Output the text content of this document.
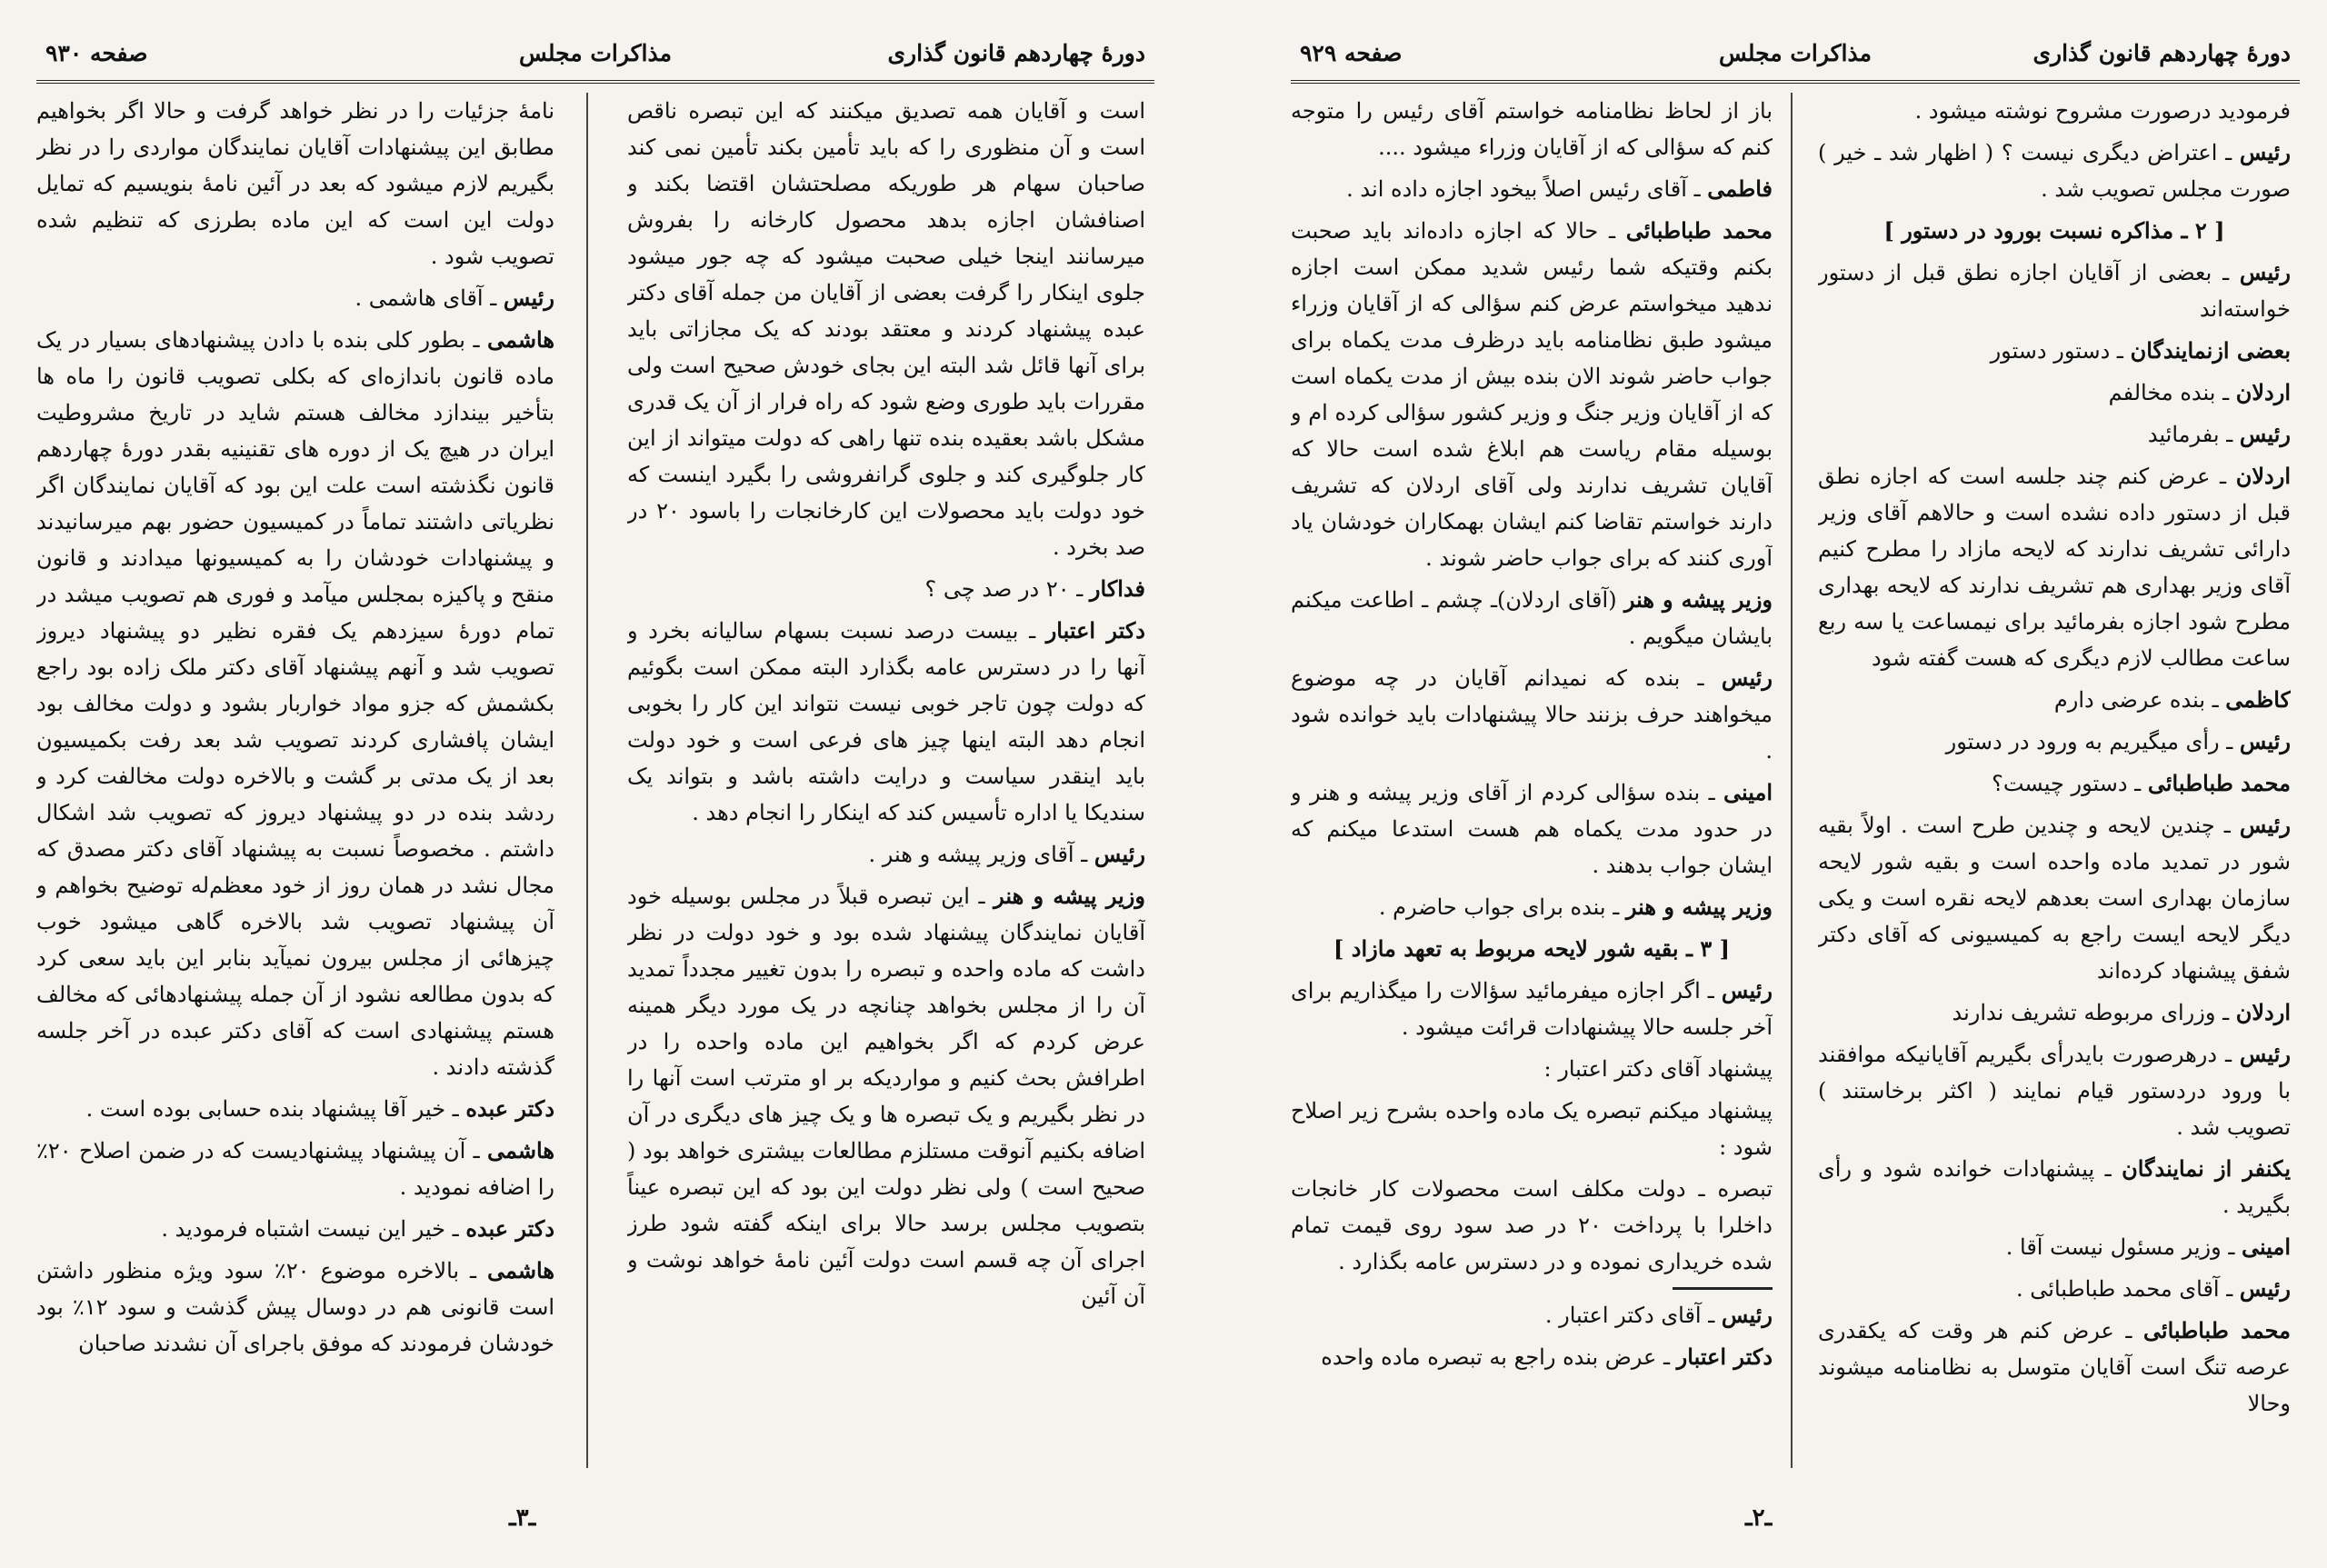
دورهٔ چهاردهم قانون گذاری
مذاکرات مجلس
صفحه ۹۳۰

است و آقایان همه تصدیق میکنند که این تبصره ناقص است و آن منظوری را که باید تأمین بکند تأمین نمی کند صاحبان سهام هر طوریکه مصلحتشان اقتضا بکند و اصنافشان اجازه بدهد محصول کارخانه را بفروش میرسانند اینجا خیلی صحبت میشود که چه جور میشود جلوی اینکار را گرفت بعضی از آقایان من جمله آقای دکتر عبده پیشنهاد کردند و معتقد بودند که یک مجازاتی باید برای آنها قائل شد البته این بجای خودش صحیح است ولی مقررات باید طوری وضع شود که راه فرار از آن یک قدری مشکل باشد بعقیده بنده تنها راهی که دولت میتواند از این کار جلوگیری کند و جلوی گرانفروشی را بگیرد اینست که خود دولت باید محصولات این کارخانجات را باسود ۲۰ در صد بخرد .

فداکار ـ ۲۰ در صد چی ؟

دکتر اعتبار ـ بیست درصد نسبت بسهام سالیانه بخرد و آنها را در دسترس عامه بگذارد البته ممکن است بگوئیم که دولت چون تاجر خوبی نیست نتواند این کار را بخوبی انجام دهد البته اینها چیز های فرعی است و خود دولت باید اینقدر سیاست و درایت داشته باشد و بتواند یک سندیکا یا اداره تأسیس کند که اینکار را انجام دهد .

رئیس ـ آقای وزیر پیشه و هنر .

وزیر پیشه و هنر ـ این تبصره قبلاً در مجلس بوسیله خود آقایان نمایندگان پیشنهاد شده بود و خود دولت در نظر داشت که ماده واحده و تبصره را بدون تغییر مجدداً تمدید آن را از مجلس بخواهد چنانچه در یک مورد دیگر همینه عرض کردم که اگر بخواهیم این ماده واحده را در اطرافش بحث کنیم و مواردیکه بر او مترتب است آنها را در نظر بگیریم و یک تبصره ها و یک چیز های دیگری در آن اضافه بکنیم آنوقت مستلزم مطالعات بیشتری خواهد بود ( صحیح است ) ولی نظر دولت این بود که این تبصره عیناً بتصویب مجلس برسد حالا برای اینکه گفته شود طرز اجرای آن چه قسم است دولت آئین نامهٔ خواهد نوشت و آن آئین

نامهٔ جزئیات را در نظر خواهد گرفت و حالا اگر بخواهیم مطابق این پیشنهادات آقایان نمایندگان مواردی را در نظر بگیریم لازم میشود که بعد در آئین نامهٔ بنویسیم که تمایل دولت این است که این ماده بطرزی که تنظیم شده تصویب شود .

رئیس ـ آقای هاشمی .

هاشمی ـ بطور کلی بنده با دادن پیشنهادهای بسیار در یک ماده قانون باندازه‌ای که بکلی تصویب قانون را ماه ها بتأخیر بیندازد مخالف هستم شاید در تاریخ مشروطیت ایران در هیچ یک از دوره های تقنینیه بقدر دورهٔ چهاردهم قانون نگذشته است علت این بود که آقایان نمایندگان اگر نظریاتی داشتند تماماً در کمیسیون حضور بهم میرسانیدند و پیشنهادات خودشان را به کمیسیونها میدادند و قانون منقح و پاکیزه بمجلس میآمد و فوری هم تصویب میشد در تمام دورهٔ سیزدهم یک فقره نظیر دو پیشنهاد دیروز تصویب شد و آنهم پیشنهاد آقای دکتر ملک زاده بود راجع بکشمش که جزو مواد خواربار بشود و دولت مخالف بود ایشان پافشاری کردند تصویب شد بعد رفت بکمیسیون بعد از یک مدتی بر گشت و بالاخره دولت مخالفت کرد و ردشد بنده در دو پیشنهاد دیروز که تصویب شد اشکال داشتم . مخصوصاً نسبت به پیشنهاد آقای دکتر مصدق که مجال نشد در همان روز از خود معظم‌له توضیح بخواهم و آن پیشنهاد تصویب شد بالاخره گاهی میشود خوب چیزهائی از مجلس بیرون نمیآید بنابر این باید سعی کرد که بدون مطالعه نشود از آن جمله پیشنهادهائی که مخالف هستم پیشنهادی است که آقای دکتر عبده در آخر جلسه گذشته دادند .

دکتر عبده ـ خیر آقا پیشنهاد بنده حسابی بوده است .

هاشمی ـ آن پیشنهاد پیشنهادیست که در ضمن اصلاح ۲۰٪ را اضافه نمودید .

دکتر عبده ـ خیر این نیست اشتباه فرمودید .

هاشمی ـ بالاخره موضوع ۲۰٪ سود ویژه منظور داشتن است قانونی هم در دوسال پیش گذشت و سود ۱۲٪ بود خودشان فرمودند که موفق باجرای آن نشدند صاحبان

ـ۳ـ
دورهٔ چهاردهم قانون گذاری
مذاکرات مجلس
صفحه ۹۲۹

فرمودید درصورت مشروح نوشته میشود .

رئیس ـ اعتراض دیگری نیست ؟ ( اظهار شد ـ خیر ) صورت مجلس تصویب شد .

[ ۲ ـ مذاکره نسبت بورود در دستور ]

رئیس ـ بعضی از آقایان اجازه نطق قبل از دستور خواسته‌اند

بعضی ازنمایندگان ـ دستور دستور

اردلان ـ بنده مخالفم

رئیس ـ بفرمائید

اردلان ـ عرض کنم چند جلسه است که اجازه نطق قبل از دستور داده نشده است و حالاهم آقای وزیر دارائی تشریف ندارند که لایحه مازاد را مطرح کنیم آقای وزیر بهداری هم تشریف ندارند که لایحه بهداری مطرح شود اجازه بفرمائید برای نیمساعت یا سه ربع ساعت مطالب لازم دیگری که هست گفته شود

کاظمی ـ بنده عرضی دارم

رئیس ـ رأی میگیریم به ورود در دستور

محمد طباطبائی ـ دستور چیست؟

رئیس ـ چندین لایحه و چندین طرح است . اولاً بقیه شور در تمدید ماده واحده است و بقیه شور لایحه سازمان بهداری است بعدهم لایحه نقره است و یکی دیگر لایحه ایست راجع به کمیسیونی که آقای دکتر شفق پیشنهاد کرده‌اند

اردلان ـ وزرای مربوطه تشریف ندارند

رئیس ـ درهرصورت بایدرأی بگیریم آقایانیکه موافقند با ورود دردستور قیام نمایند ( اکثر برخاستند ) تصویب شد .

یکنفر از نمایندگان ـ پیشنهادات خوانده شود و رأی بگیرید .

امینی ـ وزیر مسئول نیست آقا .

رئیس ـ آقای محمد طباطبائی .

محمد طباطبائی ـ عرض کنم هر وقت که یکقدری عرصه تنگ است آقایان متوسل به نظامنامه میشوند وحالا

باز از لحاظ نظامنامه خواستم آقای رئیس را متوجه کنم که سؤالی که از آقایان وزراء میشود ....

فاطمی ـ آقای رئیس اصلاً بیخود اجازه داده اند .

محمد طباطبائی ـ حالا که اجازه داده‌اند باید صحبت بکنم وقتیکه شما رئیس شدید ممکن است اجازه ندهید میخواستم عرض کنم سؤالی که از آقایان وزراء میشود طبق نظامنامه باید درظرف مدت یکماه برای جواب حاضر شوند الان بنده بیش از مدت یکماه است که از آقایان وزیر جنگ و وزیر کشور سؤالی کرده ام و بوسیله مقام ریاست هم ابلاغ شده است حالا که آقایان تشریف ندارند ولی آقای اردلان که تشریف دارند خواستم تقاضا کنم ایشان بهمکاران خودشان یاد آوری کنند که برای جواب حاضر شوند .

وزیر پیشه و هنر (آقای اردلان)ـ چشم ـ اطاعت میکنم بایشان میگویم .

رئیس ـ بنده که نمیدانم آقایان در چه موضوع میخواهند حرف بزنند حالا پیشنهادات باید خوانده شود .

امینی ـ بنده سؤالی کردم از آقای وزیر پیشه و هنر و در حدود مدت یکماه هم هست استدعا میکنم که ایشان جواب بدهند .

وزیر پیشه و هنر ـ بنده برای جواب حاضرم .

[ ۳ ـ بقیه شور لایحه مربوط به تعهد مازاد ]

رئیس ـ اگر اجازه میفرمائید سؤالات را میگذاریم برای آخر جلسه حالا پیشنهادات قرائت میشود .

پیشنهاد آقای دکتر اعتبار :

پیشنهاد میکنم تبصره یک ماده واحده بشرح زیر اصلاح شود :

تبصره ـ دولت مکلف است محصولات کار خانجات داخلرا با پرداخت ۲۰ در صد سود روی قیمت تمام شده خریداری نموده و در دسترس عامه بگذارد .

رئیس ـ آقای دکتر اعتبار .

دکتر اعتبار ـ عرض بنده راجع به تبصره ماده واحده

ـ۲ـ
